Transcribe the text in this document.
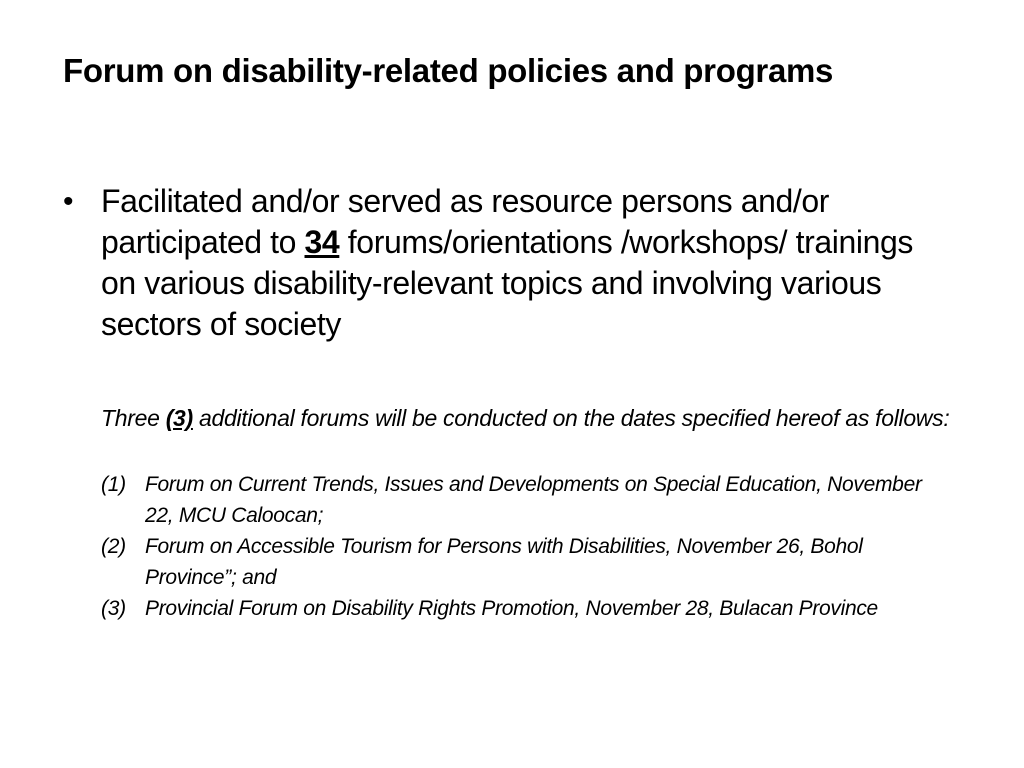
Forum on disability-related policies and programs
• Facilitated and/or served as resource persons and/or participated to 34 forums/orientations /workshops/ trainings on various disability-relevant topics and involving various sectors of society
Three (3) additional forums will be conducted on the dates specified hereof as follows:
(1) Forum on Current Trends, Issues and Developments on Special Education, November 22, MCU Caloocan;
(2) Forum on Accessible Tourism for Persons with Disabilities, November 26, Bohol Province”; and
(3) Provincial Forum on Disability Rights Promotion, November 28, Bulacan Province
